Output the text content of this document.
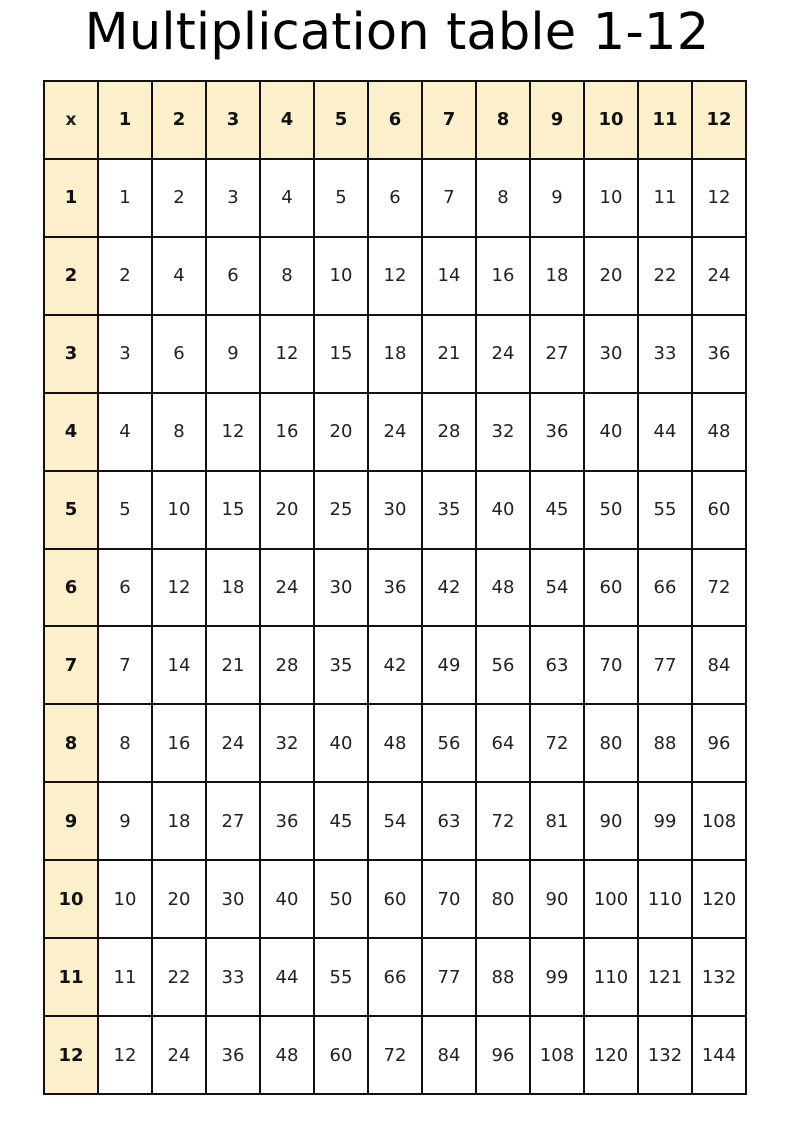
Multiplication table 1-12
x	1	2	3	4	5	6	7	8	9	10	11	12
1	1	2	3	4	5	6	7	8	9	10	11	12
2	2	4	6	8	10	12	14	16	18	20	22	24
3	3	6	9	12	15	18	21	24	27	30	33	36
4	4	8	12	16	20	24	28	32	36	40	44	48
5	5	10	15	20	25	30	35	40	45	50	55	60
6	6	12	18	24	30	36	42	48	54	60	66	72
7	7	14	21	28	35	42	49	56	63	70	77	84
8	8	16	24	32	40	48	56	64	72	80	88	96
9	9	18	27	36	45	54	63	72	81	90	99	108
10	10	20	30	40	50	60	70	80	90	100	110	120
11	11	22	33	44	55	66	77	88	99	110	121	132
12	12	24	36	48	60	72	84	96	108	120	132	144
